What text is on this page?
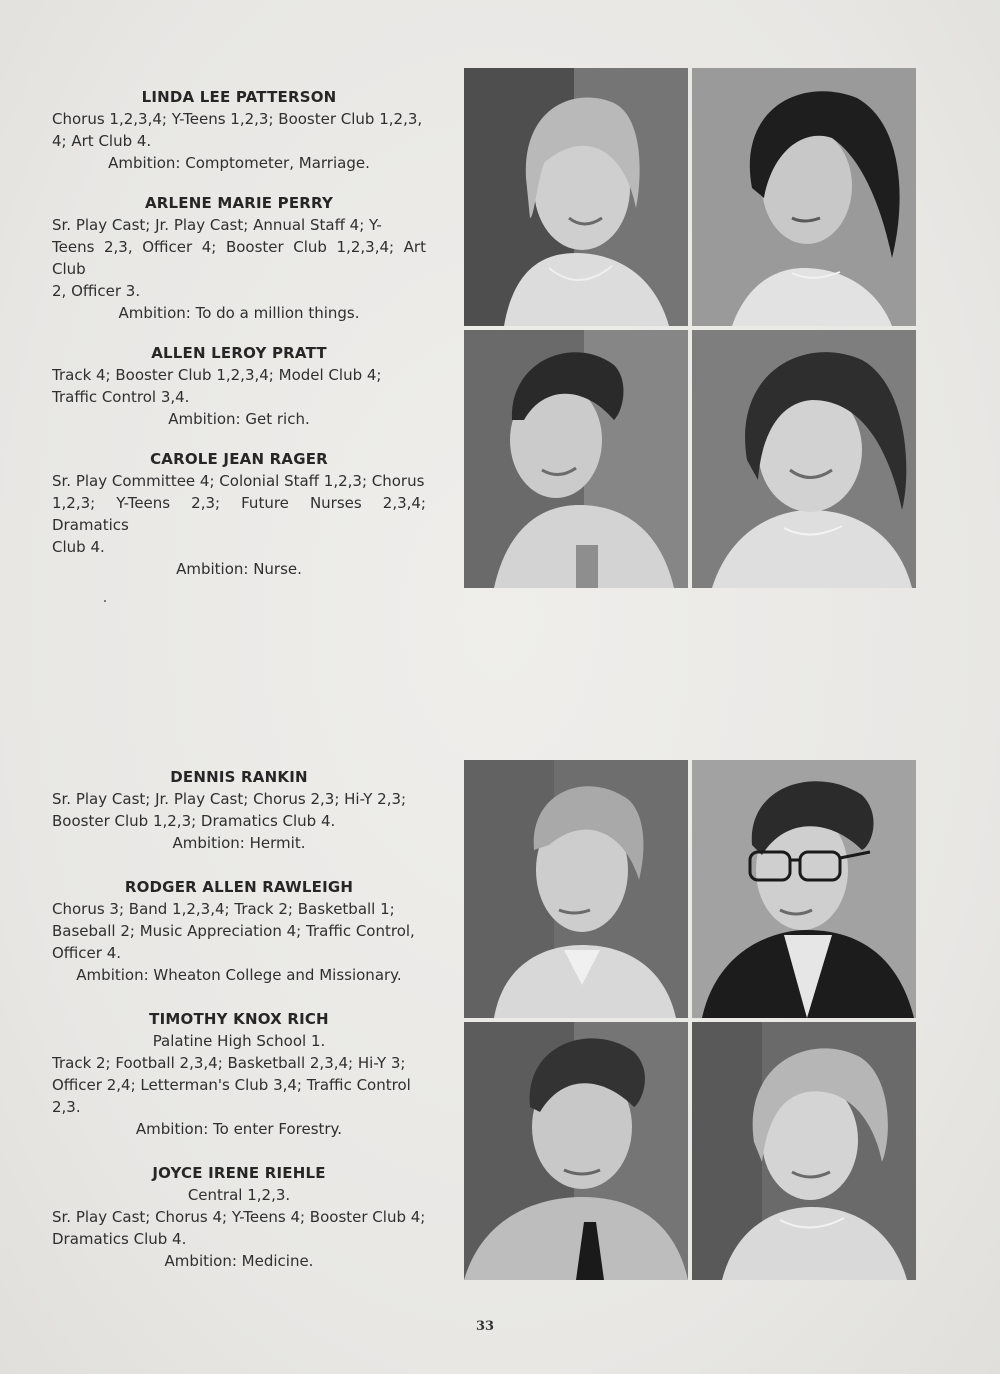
LINDA LEE PATTERSON
Chorus 1,2,3,4; Y-Teens 1,2,3; Booster Club 1,2,3,
4; Art Club 4.
Ambition: Comptometer, Marriage.
ARLENE MARIE PERRY
Sr. Play Cast; Jr. Play Cast; Annual Staff 4; Y-
Teens 2,3, Officer 4; Booster Club 1,2,3,4; Art Club
2, Officer 3.
Ambition: To do a million things.
ALLEN LEROY PRATT
Track 4; Booster Club 1,2,3,4; Model Club 4;
Traffic Control 3,4.
Ambition: Get rich.
CAROLE JEAN RAGER
Sr. Play Committee 4; Colonial Staff 1,2,3; Chorus
1,2,3; Y-Teens 2,3; Future Nurses 2,3,4; Dramatics
Club 4.
Ambition: Nurse.
DENNIS RANKIN
Sr. Play Cast; Jr. Play Cast; Chorus 2,3; Hi-Y 2,3;
Booster Club 1,2,3; Dramatics Club 4.
Ambition: Hermit.
RODGER ALLEN RAWLEIGH
Chorus 3; Band 1,2,3,4; Track 2; Basketball 1;
Baseball 2; Music Appreciation 4; Traffic Control,
Officer 4.
Ambition: Wheaton College and Missionary.
TIMOTHY KNOX RICH
Palatine High School 1.
Track 2; Football 2,3,4; Basketball 2,3,4; Hi-Y 3;
Officer 2,4; Letterman's Club 3,4; Traffic Control
2,3.
Ambition: To enter Forestry.
JOYCE IRENE RIEHLE
Central 1,2,3.
Sr. Play Cast; Chorus 4; Y-Teens 4; Booster Club 4;
Dramatics Club 4.
Ambition: Medicine.
33
